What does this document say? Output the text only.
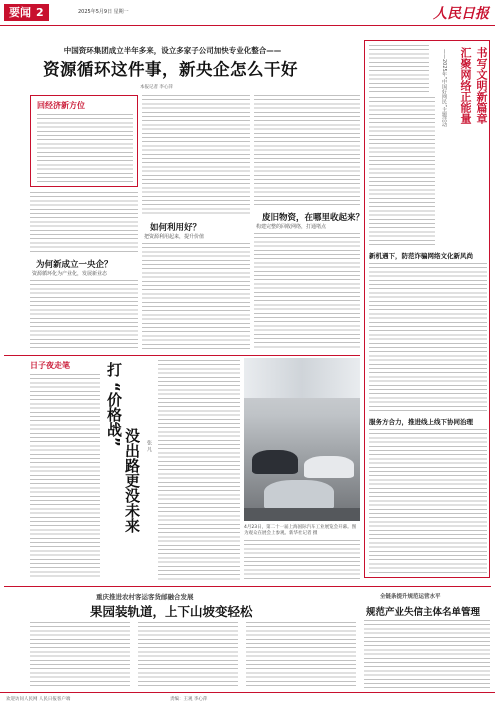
要闻 2	2025年5月9日 星期一	人民日报
中国资环集团成立半年多来，设立多家子公司加快专业化整合——
资源循环这件事，新央企怎么干好
本报记者 李心萍
回经济新方位
为何新成立一央企？
资源循环化为产业化，发展新业态
如何利用好？
把资源利用起来，提升价值
废旧物资，在哪里收起来？
构建完整的回收网络，打通堵点
日子夜走笔 打
“价格战”
没出路更没未来	张 凡
4月23日，第二十一届上海国际汽车工业展览会开幕。图为观众在展会上参观。新华社记者 摄
汇聚网络正能量 书写文明新篇章
——2025年“中国好网民”主题活动
新机遇下，防范诈骗网络文化新风尚
服务方合力，推进线上线下协同治理
重庆推进农村客运客货邮融合发展
果园装轨道，上下山坡变轻松
全链条提升规范运营水平
规范产业失信主体名单管理
欢迎访问人民网 人民日报客户端	责编：王观 李心萍
